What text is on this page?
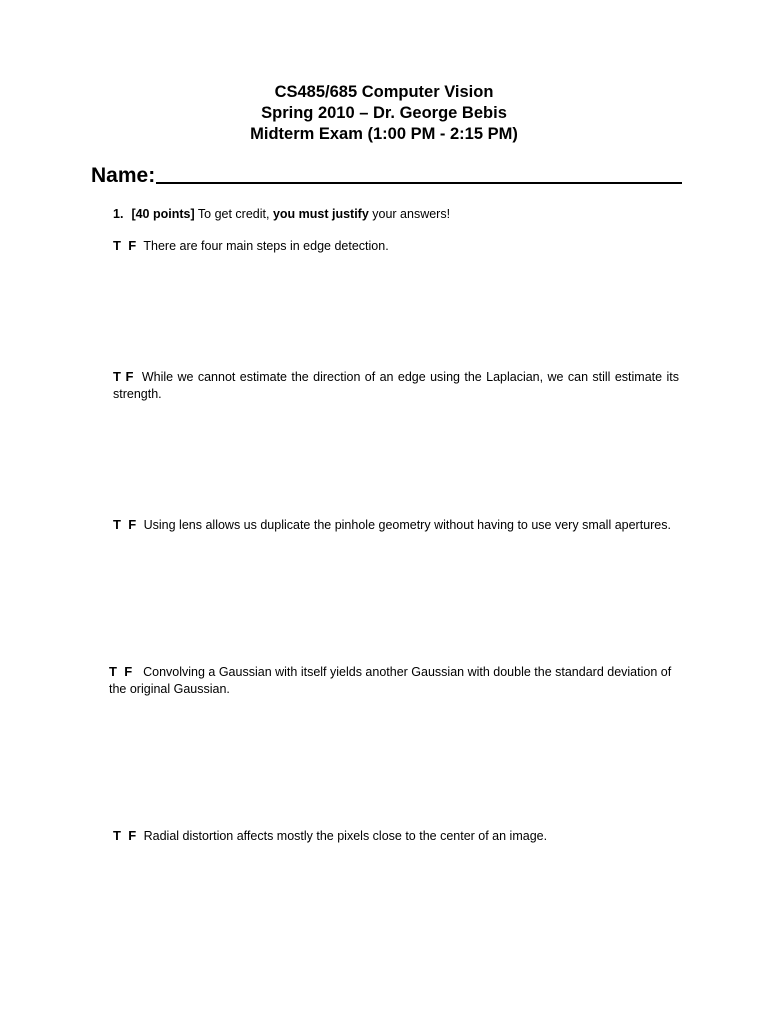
CS485/685 Computer Vision
Spring 2010 – Dr. George Bebis
Midterm Exam (1:00 PM - 2:15 PM)
Name:
1. [40 points] To get credit, you must justify your answers!
T F There are four main steps in edge detection.
T F While we cannot estimate the direction of an edge using the Laplacian, we can still estimate its strength.
T F Using lens allows us duplicate the pinhole geometry without having to use very small apertures.
T F Convolving a Gaussian with itself yields another Gaussian with double the standard deviation of the original Gaussian.
T F Radial distortion affects mostly the pixels close to the center of an image.
